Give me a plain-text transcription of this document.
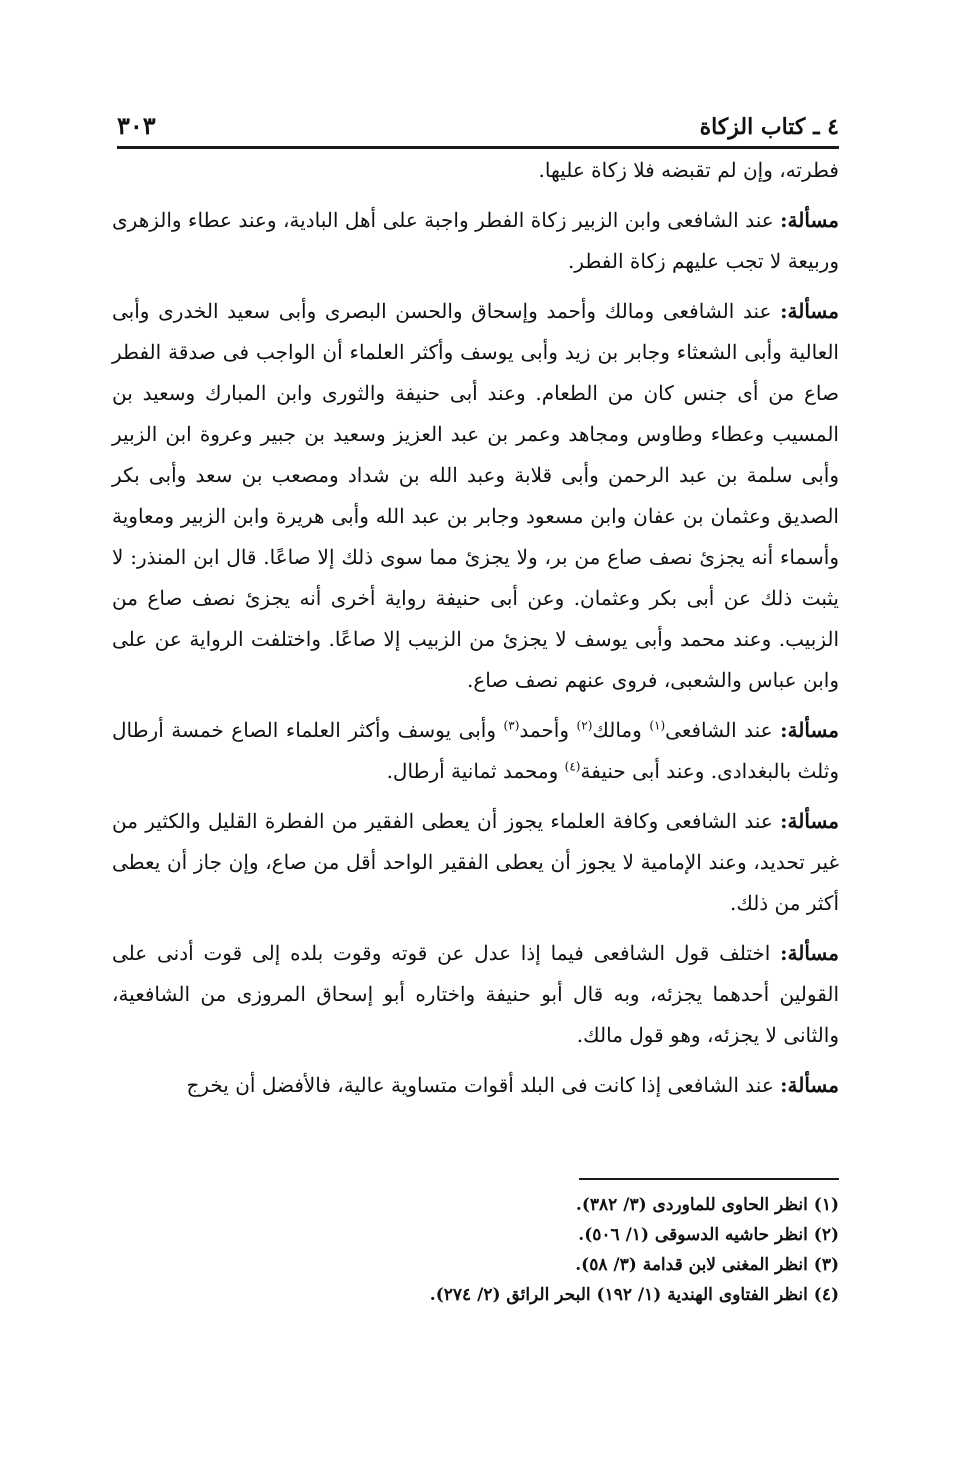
٣٠٣	٤ ـ كتاب الزكاة

فطرته، وإن لم تقبضه فلا زكاة عليها.

مسألة: عند الشافعى وابن الزبير زكاة الفطر واجبة على أهل البادية، وعند عطاء والزهرى وربيعة لا تجب عليهم زكاة الفطر.

مسألة: عند الشافعى ومالك وأحمد وإسحاق والحسن البصرى وأبى سعيد الخدرى وأبى العالية وأبى الشعثاء وجابر بن زيد وأبى يوسف وأكثر العلماء أن الواجب فى صدقة الفطر صاع من أى جنس كان من الطعام. وعند أبى حنيفة والثورى وابن المبارك وسعيد بن المسيب وعطاء وطاوس ومجاهد وعمر بن عبد العزيز وسعيد بن جبير وعروة ابن الزبير وأبى سلمة بن عبد الرحمن وأبى قلابة وعبد الله بن شداد ومصعب بن سعد وأبى بكر الصديق وعثمان بن عفان وابن مسعود وجابر بن عبد الله وأبى هريرة وابن الزبير ومعاوية وأسماء أنه يجزئ نصف صاع من بر، ولا يجزئ مما سوى ذلك إلا صاعًا. قال ابن المنذر: لا يثبت ذلك عن أبى بكر وعثمان. وعن أبى حنيفة رواية أخرى أنه يجزئ نصف صاع من الزبيب. وعند محمد وأبى يوسف لا يجزئ من الزبيب إلا صاعًا. واختلفت الرواية عن على وابن عباس والشعبى، فروى عنهم نصف صاع.

مسألة: عند الشافعى$^{(١)}$ ومالك$^{(٢)}$ وأحمد$^{(٣)}$ وأبى يوسف وأكثر العلماء الصاع خمسة أرطال وثلث بالبغدادى. وعند أبى حنيفة$^{(٤)}$ ومحمد ثمانية أرطال.

مسألة: عند الشافعى وكافة العلماء يجوز أن يعطى الفقير من الفطرة القليل والكثير من غير تحديد، وعند الإمامية لا يجوز أن يعطى الفقير الواحد أقل من صاع، وإن جاز أن يعطى أكثر من ذلك.

مسألة: اختلف قول الشافعى فيما إذا عدل عن قوته وقوت بلده إلى قوت أدنى على القولين أحدهما يجزئه، وبه قال أبو حنيفة واختاره أبو إسحاق المروزى من الشافعية، والثانى لا يجزئه، وهو قول مالك.

مسألة: عند الشافعى إذا كانت فى البلد أقوات متساوية عالية، فالأفضل أن يخرج

(١) انظر الحاوى للماوردى (٣/ ٣٨٢).

(٢) انظر حاشيه الدسوقى (١/ ٥٠٦).

(٣) انظر المغنى لابن قدامة (٣/ ٥٨).

(٤) انظر الفتاوى الهندية (١/ ١٩٢) البحر الرائق (٢/ ٢٧٤).
